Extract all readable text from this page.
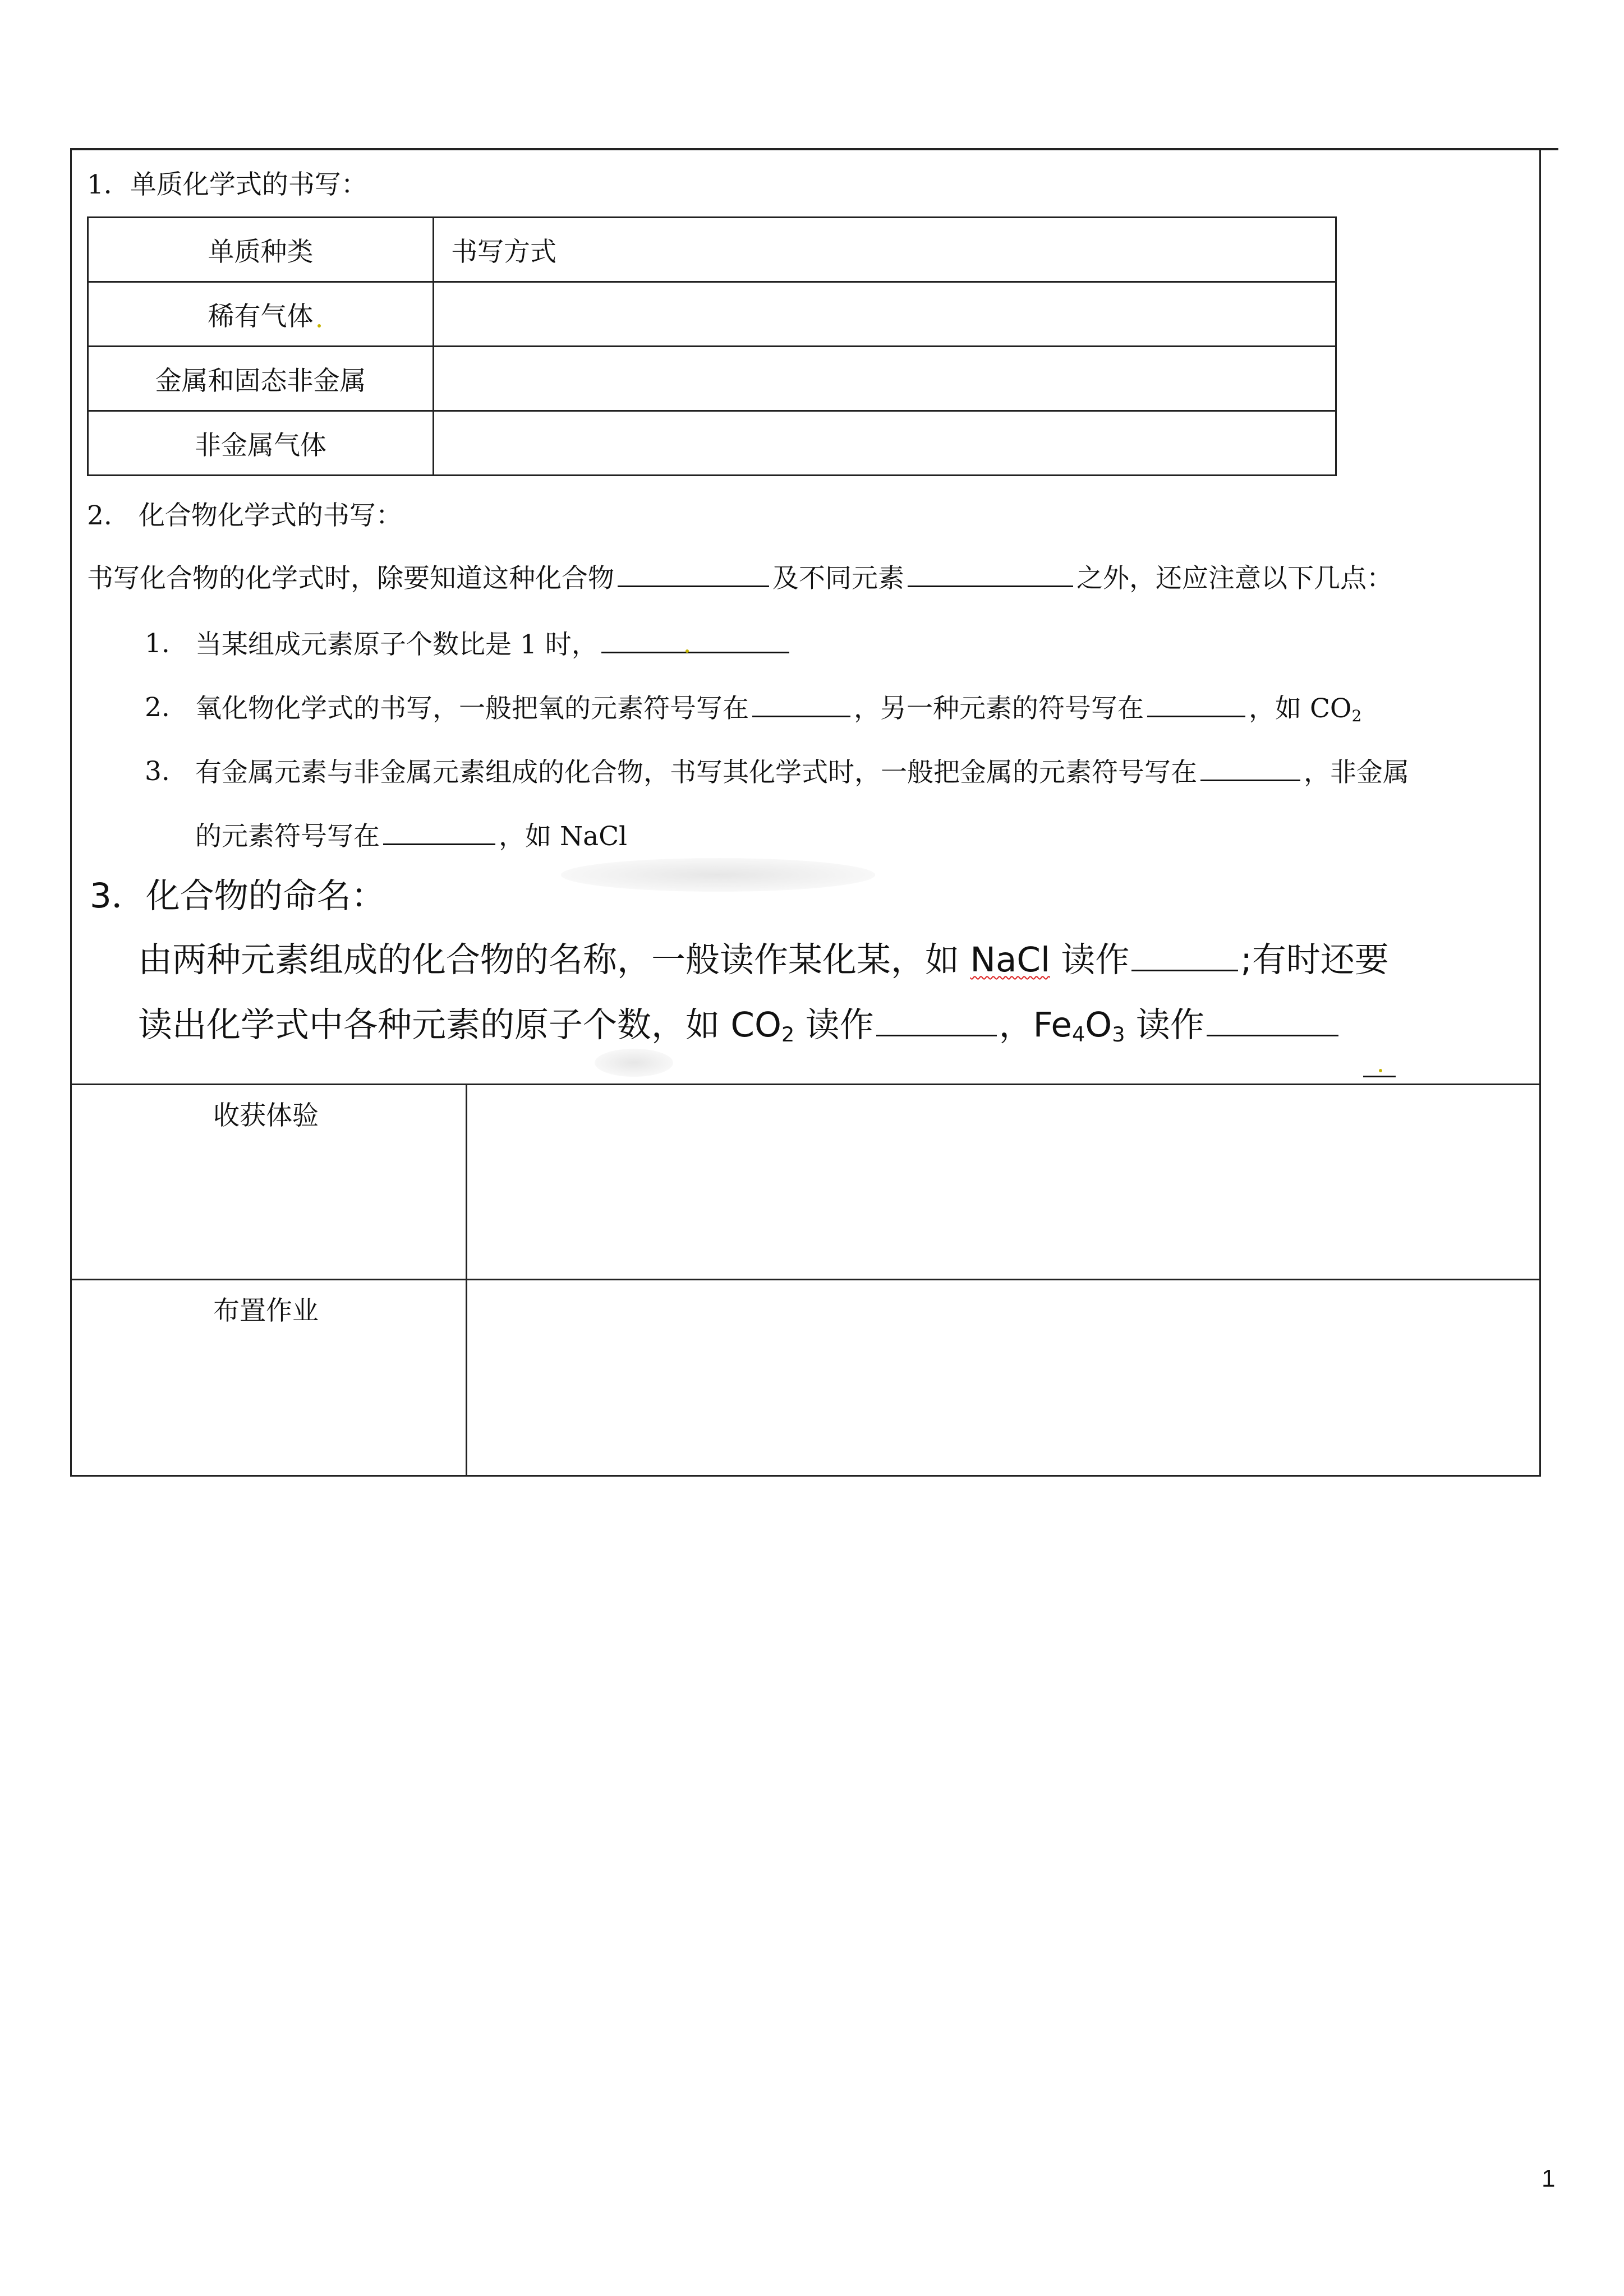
1．单质化学式的书写：
单质种类	书写方式
稀有气体	
金属和固态非金属	
非金属气体	
2.　化合物化学式的书写：
书写化合物的化学式时，除要知道这种化合物	及不同元素	之外，还应注意以下几点：
1. 当某组成元素原子个数比是 1 时，
2. 氧化物化学式的书写，一般把氧的元素符号写在	，另一种元素的符号写在	，如 $CO_2$
3. 有金属元素与非金属元素组成的化合物，书写其化学式时，一般把金属的元素符号写在	，非金属
的元素符号写在	，如 NaCl
3．化合物的命名：
由两种元素组成的化合物的名称，一般读作某化某，如 NaCl 读作	;有时还要
读出化学式中各种元素的原子个数，如 $CO_2$ 读作	，$Fe_4O_3$ 读作
收获体验
布置作业
1
